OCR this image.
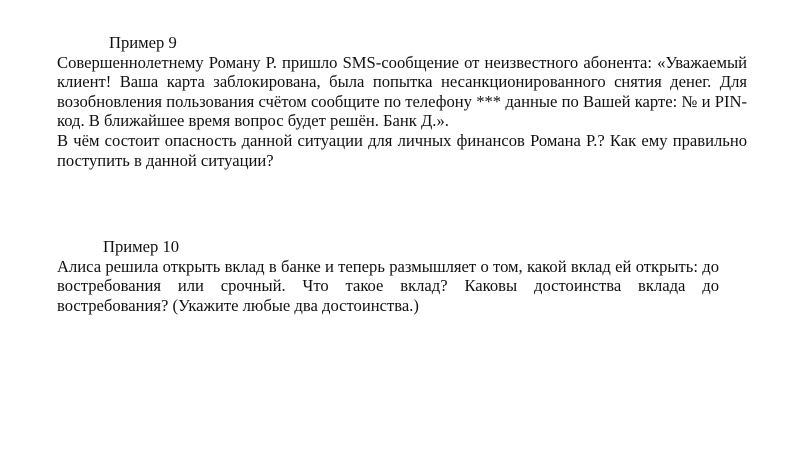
Пример 9
Совершеннолетнему Роману Р. пришло SMS-сообщение от неизвестного абонента: «Уважаемый клиент! Ваша карта заблокирована, была попытка несанкционированного снятия денег. Для возобновления пользования счётом сообщите по телефону *** данные по Вашей карте: № и PIN-код. В ближайшее время вопрос будет решён. Банк Д.».
В чём состоит опасность данной ситуации для личных финансов Романа Р.? Как ему правильно поступить в данной ситуации?
Пример 10
Алиса решила открыть вклад в банке и теперь размышляет о том, какой вклад ей открыть: до востребования или срочный. Что такое вклад? Каковы достоинства вклада до востребования? (Укажите любые два достоинства.)
